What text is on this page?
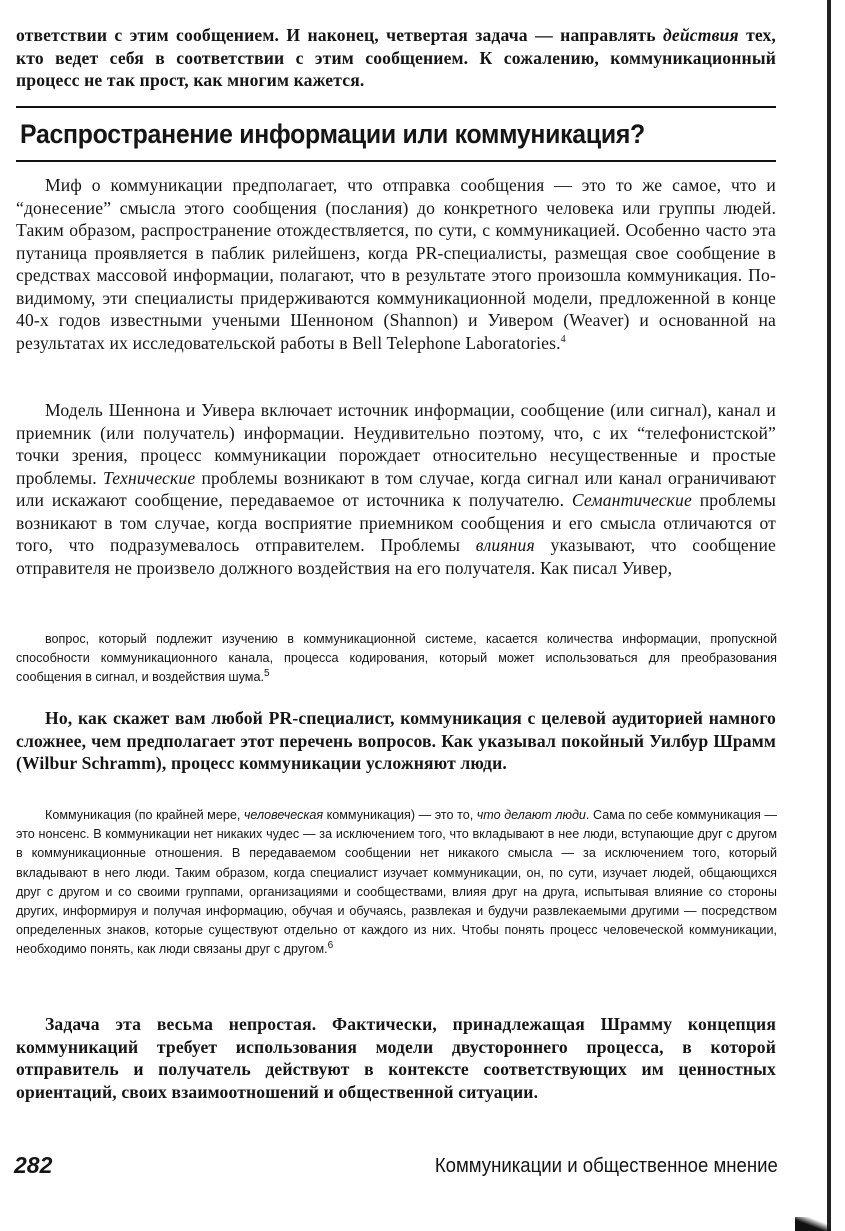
ответствии с этим сообщением. И наконец, четвертая задача — направлять действия тех, кто ведет себя в соответствии с этим сообщением. К сожалению, коммуникационный процесс не так прост, как многим кажется.

Распространение информации или коммуникация?

Миф о коммуникации предполагает, что отправка сообщения — это то же самое, что и “донесение” смысла этого сообщения (послания) до конкретного человека или группы людей. Таким образом, распространение отождествляется, по сути, с коммуникацией. Особенно часто эта путаница проявляется в паблик рилейшенз, когда PR-специалисты, размещая свое сообщение в средствах массовой информации, полагают, что в результате этого произошла коммуникация. По-видимому, эти специалисты придерживаются коммуникационной модели, предложенной в конце 40-х годов известными учеными Шенноном (Shannon) и Уивером (Weaver) и основанной на результатах их исследовательской работы в Bell Telephone Laboratories.$^4$

Модель Шеннона и Уивера включает источник информации, сообщение (или сигнал), канал и приемник (или получатель) информации. Неудивительно поэтому, что, с их “телефонистской” точки зрения, процесс коммуникации порождает относительно несущественные и простые проблемы. Технические проблемы возникают в том случае, когда сигнал или канал ограничивают или искажают сообщение, передаваемое от источника к получателю. Семантические проблемы возникают в том случае, когда восприятие приемником сообщения и его смысла отличаются от того, что подразумевалось отправителем. Проблемы влияния указывают, что сообщение отправителя не произвело должного воздействия на его получателя. Как писал Уивер,

вопрос, который подлежит изучению в коммуникационной системе, касается количества информации, пропускной способности коммуникационного канала, процесса кодирования, который может использоваться для преобразования сообщения в сигнал, и воздействия шума.$^5$

Но, как скажет вам любой PR-специалист, коммуникация с целевой аудиторией намного сложнее, чем предполагает этот перечень вопросов. Как указывал покойный Уилбур Шрамм (Wilbur Schramm), процесс коммуникации усложняют люди.

Коммуникация (по крайней мере, человеческая коммуникация) — это то, что делают люди. Сама по себе коммуникация — это нонсенс. В коммуникации нет никаких чудес — за исключением того, что вкладывают в нее люди, вступающие друг с другом в коммуникационные отношения. В передаваемом сообщении нет никакого смысла — за исключением того, который вкладывают в него люди. Таким образом, когда специалист изучает коммуникации, он, по сути, изучает людей, общающихся друг с другом и со своими группами, организациями и сообществами, влияя друг на друга, испытывая влияние со стороны других, информируя и получая информацию, обучая и обучаясь, развлекая и будучи развлекаемыми другими — посредством определенных знаков, которые существуют отдельно от каждого из них. Чтобы понять процесс человеческой коммуникации, необходимо понять, как люди связаны друг с другом.$^6$

Задача эта весьма непростая. Фактически, принадлежащая Шрамму концепция коммуникаций требует использования модели двустороннего процесса, в которой отправитель и получатель действуют в контексте соответствующих им ценностных ориентаций, своих взаимоотношений и общественной ситуации.

282	Коммуникации и общественное мнение
